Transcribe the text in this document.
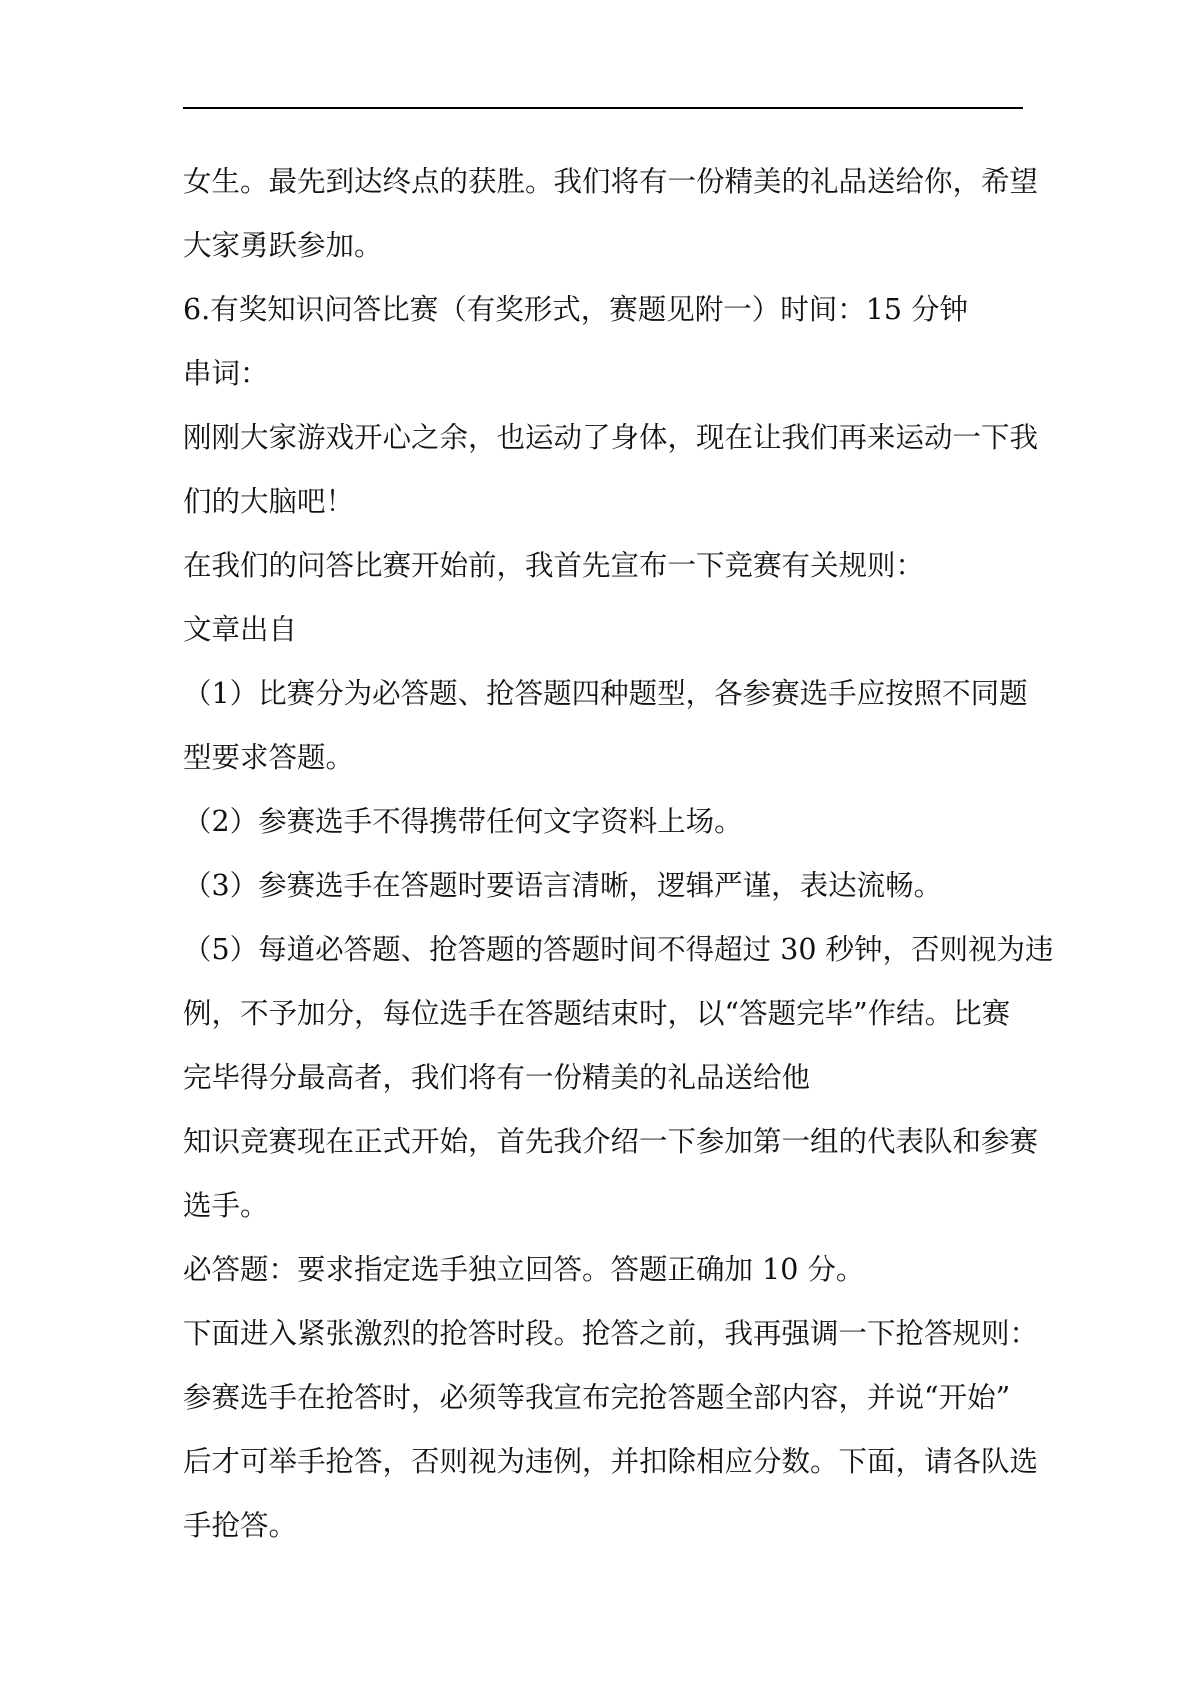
女生。最先到达终点的获胜。我们将有一份精美的礼品送给你，希望
大家勇跃参加。
6.有奖知识问答比赛（有奖形式，赛题见附一）时间：15 分钟
串词：
刚刚大家游戏开心之余，也运动了身体，现在让我们再来运动一下我
们的大脑吧！
在我们的问答比赛开始前，我首先宣布一下竞赛有关规则：
文章出自
（1）比赛分为必答题、抢答题四种题型，各参赛选手应按照不同题
型要求答题。
（2）参赛选手不得携带任何文字资料上场。
（3）参赛选手在答题时要语言清晰，逻辑严谨，表达流畅。
（5）每道必答题、抢答题的答题时间不得超过 30 秒钟，否则视为违
例，不予加分，每位选手在答题结束时，以“答题完毕”作结。比赛
完毕得分最高者，我们将有一份精美的礼品送给他
知识竞赛现在正式开始，首先我介绍一下参加第一组的代表队和参赛
选手。
必答题：要求指定选手独立回答。答题正确加 10 分。
下面进入紧张激烈的抢答时段。抢答之前，我再强调一下抢答规则：
参赛选手在抢答时，必须等我宣布完抢答题全部内容，并说“开始”
后才可举手抢答，否则视为违例，并扣除相应分数。下面，请各队选
手抢答。
